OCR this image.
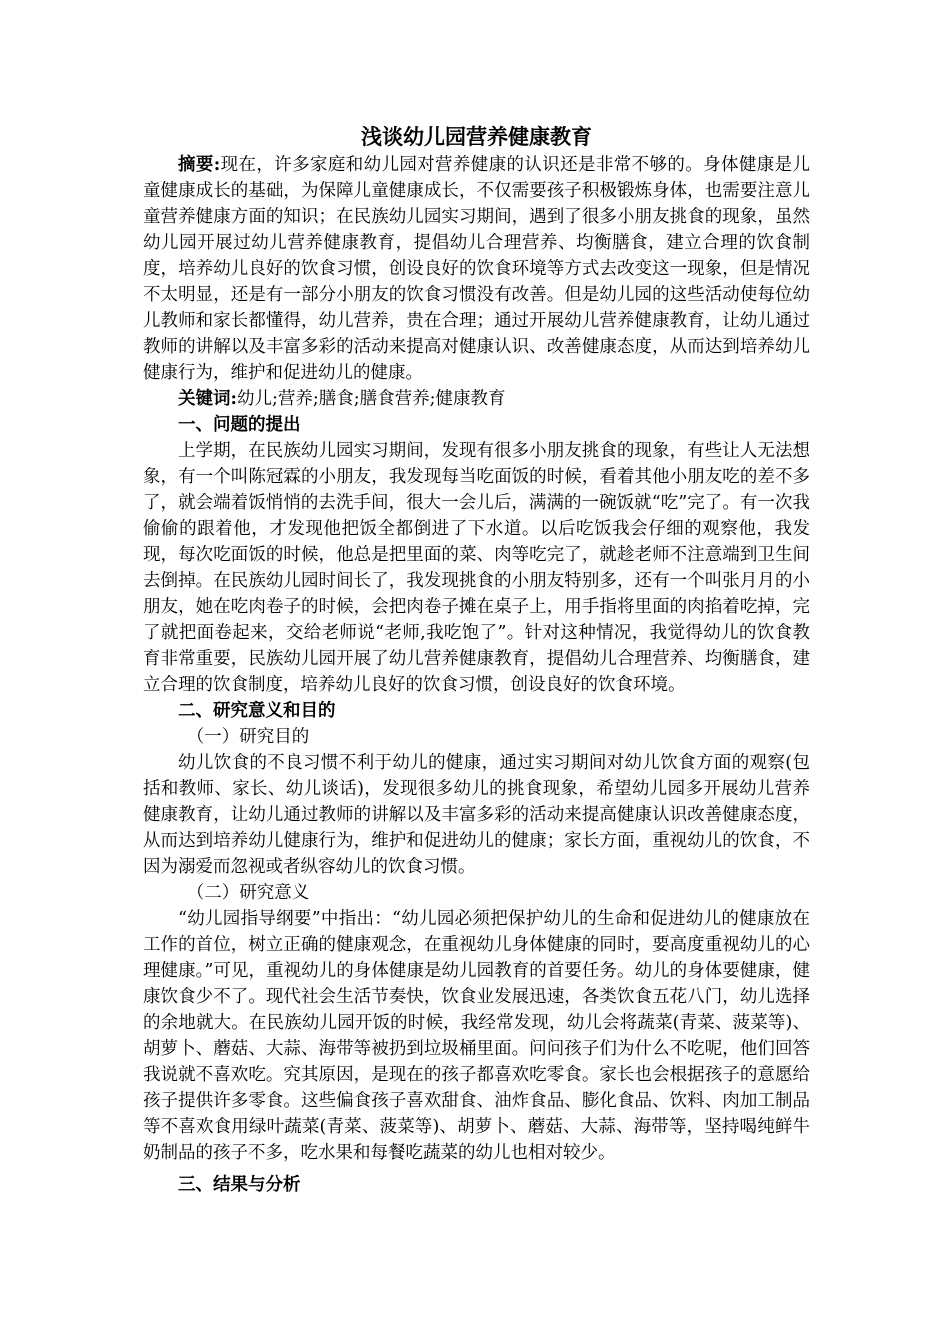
浅谈幼儿园营养健康教育

摘要:现在，许多家庭和幼儿园对营养健康的认识还是非常不够的。身体健康是儿童健康成长的基础，为保障儿童健康成长，不仅需要孩子积极锻炼身体，也需要注意儿童营养健康方面的知识；在民族幼儿园实习期间，遇到了很多小朋友挑食的现象，虽然幼儿园开展过幼儿营养健康教育，提倡幼儿合理营养、均衡膳食，建立合理的饮食制度，培养幼儿良好的饮食习惯，创设良好的饮食环境等方式去改变这一现象，但是情况不太明显，还是有一部分小朋友的饮食习惯没有改善。但是幼儿园的这些活动使每位幼儿教师和家长都懂得，幼儿营养，贵在合理；通过开展幼儿营养健康教育，让幼儿通过教师的讲解以及丰富多彩的活动来提高对健康认识、改善健康态度，从而达到培养幼儿健康行为，维护和促进幼儿的健康。

关键词:幼儿;营养;膳食;膳食营养;健康教育

一、问题的提出

上学期，在民族幼儿园实习期间，发现有很多小朋友挑食的现象，有些让人无法想象，有一个叫陈冠霖的小朋友，我发现每当吃面饭的时候，看着其他小朋友吃的差不多了，就会端着饭悄悄的去洗手间，很大一会儿后，满满的一碗饭就“吃”完了。有一次我偷偷的跟着他，才发现他把饭全都倒进了下水道。以后吃饭我会仔细的观察他，我发现，每次吃面饭的时候，他总是把里面的菜、肉等吃完了，就趁老师不注意端到卫生间去倒掉。在民族幼儿园时间长了，我发现挑食的小朋友特别多，还有一个叫张月月的小朋友，她在吃肉卷子的时候，会把肉卷子摊在桌子上，用手指将里面的肉掐着吃掉，完了就把面卷起来，交给老师说“老师,我吃饱了”。针对这种情况，我觉得幼儿的饮食教育非常重要，民族幼儿园开展了幼儿营养健康教育，提倡幼儿合理营养、均衡膳食，建立合理的饮食制度，培养幼儿良好的饮食习惯，创设良好的饮食环境。

二、研究意义和目的

（一）研究目的

幼儿饮食的不良习惯不利于幼儿的健康，通过实习期间对幼儿饮食方面的观察(包括和教师、家长、幼儿谈话)，发现很多幼儿的挑食现象，希望幼儿园多开展幼儿营养健康教育，让幼儿通过教师的讲解以及丰富多彩的活动来提高健康认识改善健康态度，从而达到培养幼儿健康行为，维护和促进幼儿的健康；家长方面，重视幼儿的饮食，不因为溺爱而忽视或者纵容幼儿的饮食习惯。

（二）研究意义

“幼儿园指导纲要”中指出：“幼儿园必须把保护幼儿的生命和促进幼儿的健康放在工作的首位，树立正确的健康观念，在重视幼儿身体健康的同时，要高度重视幼儿的心理健康。”可见，重视幼儿的身体健康是幼儿园教育的首要任务。幼儿的身体要健康，健康饮食少不了。现代社会生活节奏快，饮食业发展迅速，各类饮食五花八门，幼儿选择的余地就大。在民族幼儿园开饭的时候，我经常发现，幼儿会将蔬菜(青菜、菠菜等)、胡萝卜、蘑菇、大蒜、海带等被扔到垃圾桶里面。问问孩子们为什么不吃呢，他们回答我说就不喜欢吃。究其原因，是现在的孩子都喜欢吃零食。家长也会根据孩子的意愿给孩子提供许多零食。这些偏食孩子喜欢甜食、油炸食品、膨化食品、饮料、肉加工制品等不喜欢食用绿叶蔬菜(青菜、菠菜等)、胡萝卜、蘑菇、大蒜、海带等，坚持喝纯鲜牛奶制品的孩子不多，吃水果和每餐吃蔬菜的幼儿也相对较少。

三、结果与分析
